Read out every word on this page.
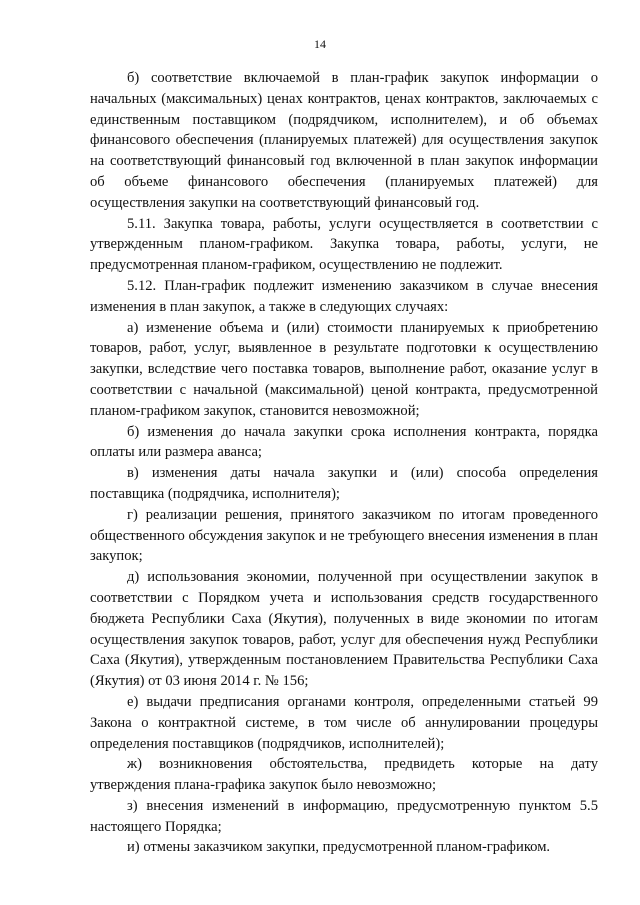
14

б) соответствие включаемой в план-график закупок информации о начальных (максимальных) ценах контрактов, ценах контрактов, заключаемых с единственным поставщиком (подрядчиком, исполнителем), и об объемах финансового обеспечения (планируемых платежей) для осуществления закупок на соответствующий финансовый год включенной в план закупок информации об объеме финансового обеспечения (планируемых платежей) для осуществления закупки на соответствующий финансовый год.

5.11. Закупка товара, работы, услуги осуществляется в соответствии с утвержденным планом-графиком. Закупка товара, работы, услуги, не предусмотренная планом-графиком, осуществлению не подлежит.

5.12. План-график подлежит изменению заказчиком в случае внесения изменения в план закупок, а также в следующих случаях:

а) изменение объема и (или) стоимости планируемых к приобретению товаров, работ, услуг, выявленное в результате подготовки к осуществлению закупки, вследствие чего поставка товаров, выполнение работ, оказание услуг в соответствии с начальной (максимальной) ценой контракта, предусмотренной планом-графиком закупок, становится невозможной;

б) изменения до начала закупки срока исполнения контракта, порядка оплаты или размера аванса;

в) изменения даты начала закупки и (или) способа определения поставщика (подрядчика, исполнителя);

г) реализации решения, принятого заказчиком по итогам проведенного общественного обсуждения закупок и не требующего внесения изменения в план закупок;

д) использования экономии, полученной при осуществлении закупок в соответствии с Порядком учета и использования средств государственного бюджета Республики Саха (Якутия), полученных в виде экономии по итогам осуществления закупок товаров, работ, услуг для обеспечения нужд Республики Саха (Якутия), утвержденным постановлением Правительства Республики Саха (Якутия) от 03 июня 2014 г. № 156;

е) выдачи предписания органами контроля, определенными статьей 99 Закона о контрактной системе, в том числе об аннулировании процедуры определения поставщиков (подрядчиков, исполнителей);

ж) возникновения обстоятельства, предвидеть которые на дату утверждения плана-графика закупок было невозможно;

з) внесения изменений в информацию, предусмотренную пунктом 5.5 настоящего Порядка;

и) отмены заказчиком закупки, предусмотренной планом-графиком.
